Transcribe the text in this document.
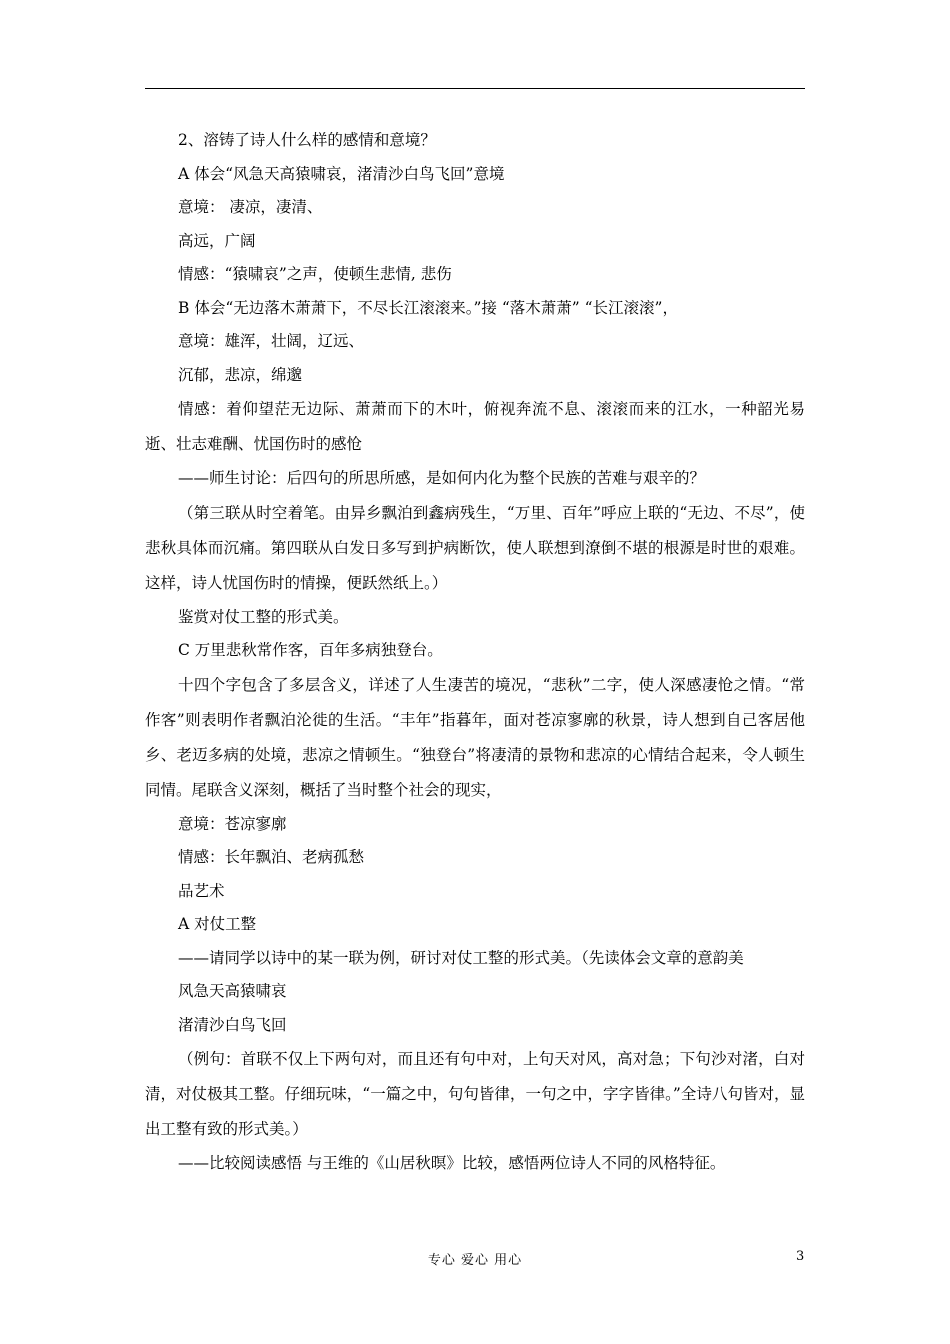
2、溶铸了诗人什么样的感情和意境？

A 体会“风急天高猿啸哀，渚清沙白鸟飞回”意境

意境： 凄凉，凄清、

高远，广阔

情感：“猿啸哀”之声，使顿生悲情, 悲伤

B 体会“无边落木萧萧下，不尽长江滚滚来。”接 “落木萧萧” “长江滚滚”，

意境：雄浑，壮阔，辽远、

沉郁，悲凉，绵邈

情感：着仰望茫无边际、萧萧而下的木叶，俯视奔流不息、滚滚而来的江水，一种韶光易逝、壮志难酬、忧国伤时的感怆

——师生讨论：后四句的所思所感，是如何内化为整个民族的苦难与艰辛的？

（第三联从时空着笔。由异乡飘泊到鑫病残生，“万里、百年”呼应上联的“无边、不尽”，使悲秋具体而沉痛。第四联从白发日多写到护病断饮，使人联想到潦倒不堪的根源是时世的艰难。这样，诗人忧国伤时的情操，便跃然纸上。）

鉴赏对仗工整的形式美。

C 万里悲秋常作客，百年多病独登台。

十四个字包含了多层含义，详述了人生凄苦的境况，“悲秋”二字，使人深感凄怆之情。“常作客”则表明作者飘泊沦徙的生活。“丰年”指暮年，面对苍凉寥廓的秋景，诗人想到自己客居他乡、老迈多病的处境，悲凉之情顿生。“独登台”将凄清的景物和悲凉的心情结合起来，令人顿生同情。尾联含义深刻，概括了当时整个社会的现实，

意境：苍凉寥廓

情感：长年飘泊、老病孤愁

品艺术

A 对仗工整

——请同学以诗中的某一联为例，研讨对仗工整的形式美。（先读体会文章的意韵美

风急天高猿啸哀

渚清沙白鸟飞回

（例句：首联不仅上下两句对，而且还有句中对，上句天对风，高对急；下句沙对渚，白对清，对仗极其工整。仔细玩味，“一篇之中，句句皆律，一句之中，字字皆律。”全诗八句皆对，显出工整有致的形式美。）

——比较阅读感悟 与王维的《山居秋暝》比较，感悟两位诗人不同的风格特征。

专心 爱心 用心	3
